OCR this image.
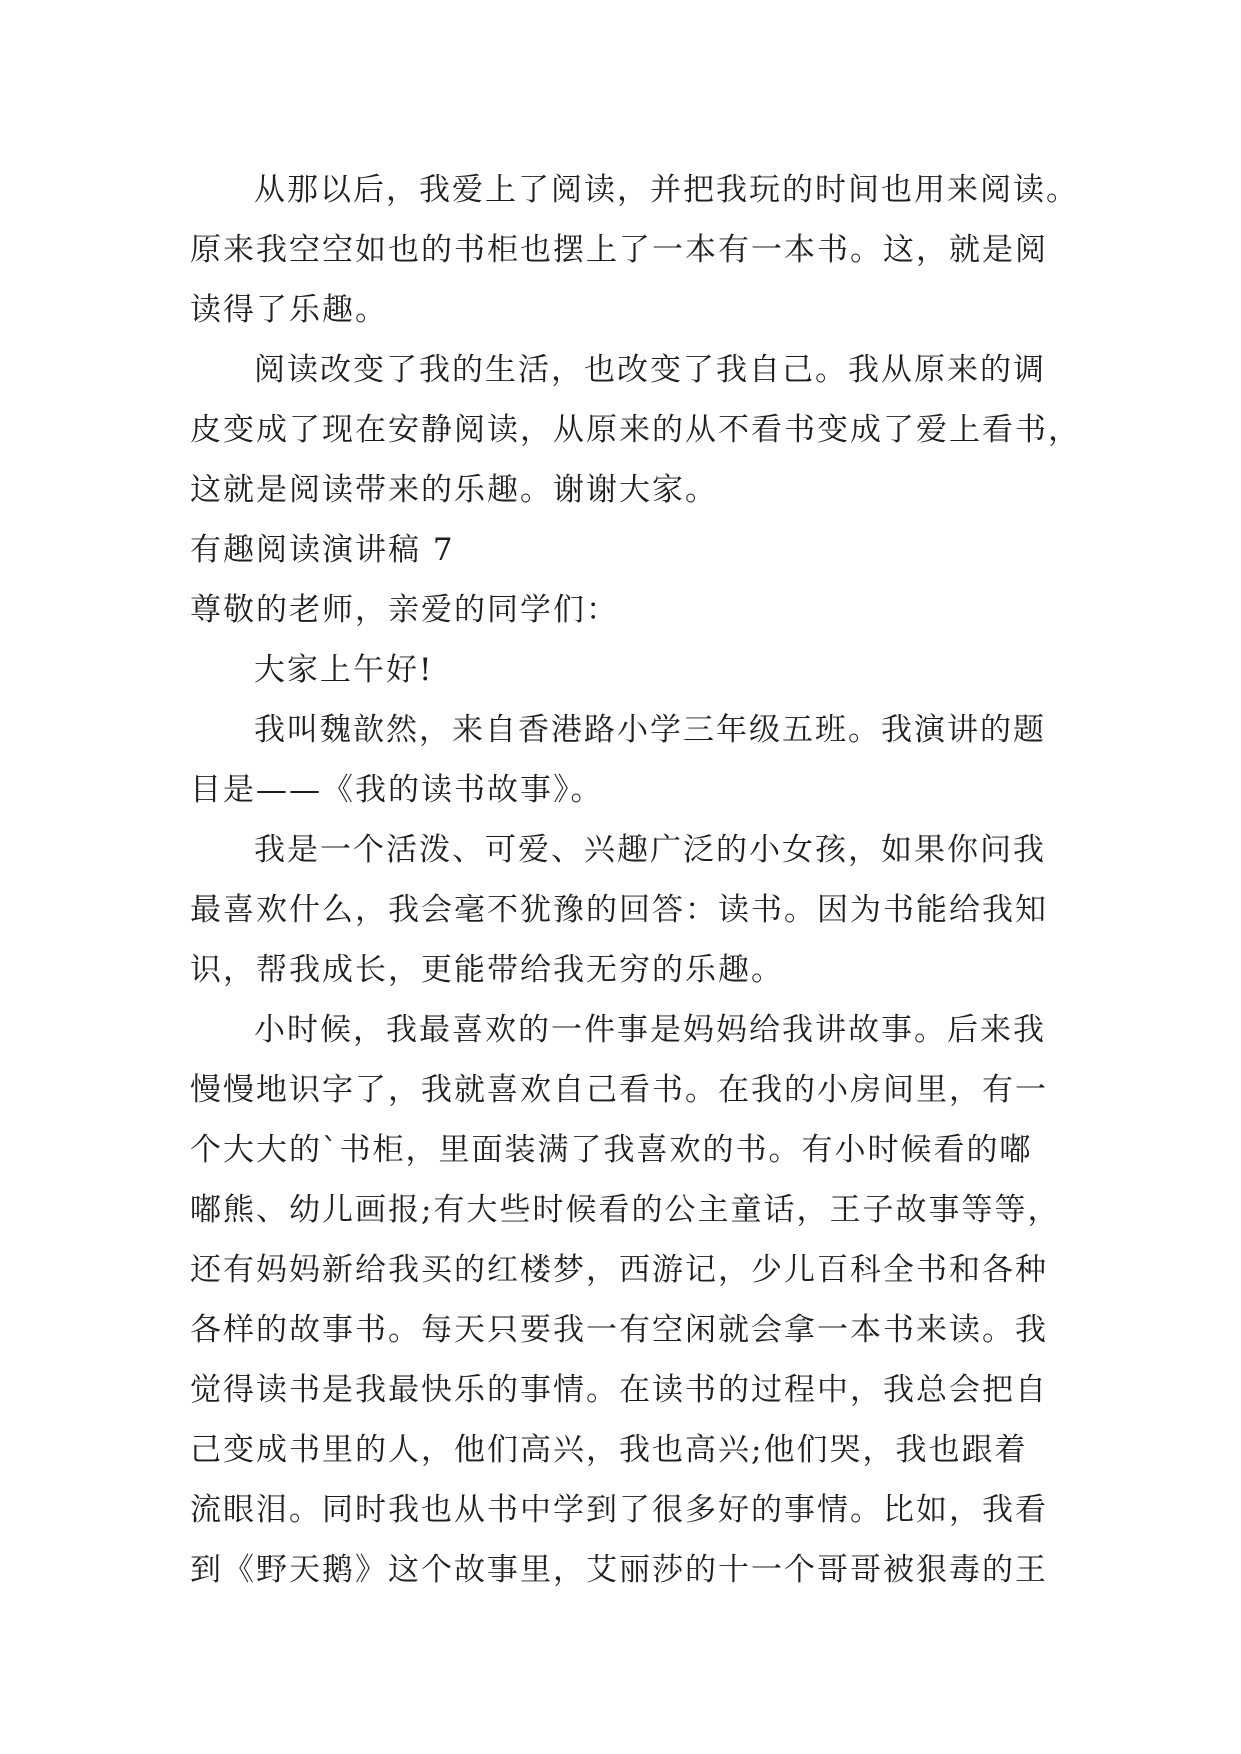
从那以后，我爱上了阅读，并把我玩的时间也用来阅读。
原来我空空如也的书柜也摆上了一本有一本书。这，就是阅
读得了乐趣。
阅读改变了我的生活，也改变了我自己。我从原来的调
皮变成了现在安静阅读，从原来的从不看书变成了爱上看书，
这就是阅读带来的乐趣。谢谢大家。
有趣阅读演讲稿 7
尊敬的老师，亲爱的同学们：
大家上午好!
我叫魏歆然，来自香港路小学三年级五班。我演讲的题
目是——《我的读书故事》。
我是一个活泼、可爱、兴趣广泛的小女孩，如果你问我
最喜欢什么，我会毫不犹豫的回答：读书。因为书能给我知
识，帮我成长，更能带给我无穷的乐趣。
小时候，我最喜欢的一件事是妈妈给我讲故事。后来我
慢慢地识字了，我就喜欢自己看书。在我的小房间里，有一
个大大的`书柜，里面装满了我喜欢的书。有小时候看的嘟
嘟熊、幼儿画报;有大些时候看的公主童话，王子故事等等，
还有妈妈新给我买的红楼梦，西游记，少儿百科全书和各种
各样的故事书。每天只要我一有空闲就会拿一本书来读。我
觉得读书是我最快乐的事情。在读书的过程中，我总会把自
己变成书里的人，他们高兴，我也高兴;他们哭，我也跟着
流眼泪。同时我也从书中学到了很多好的事情。比如，我看
到《野天鹅》这个故事里，艾丽莎的十一个哥哥被狠毒的王
